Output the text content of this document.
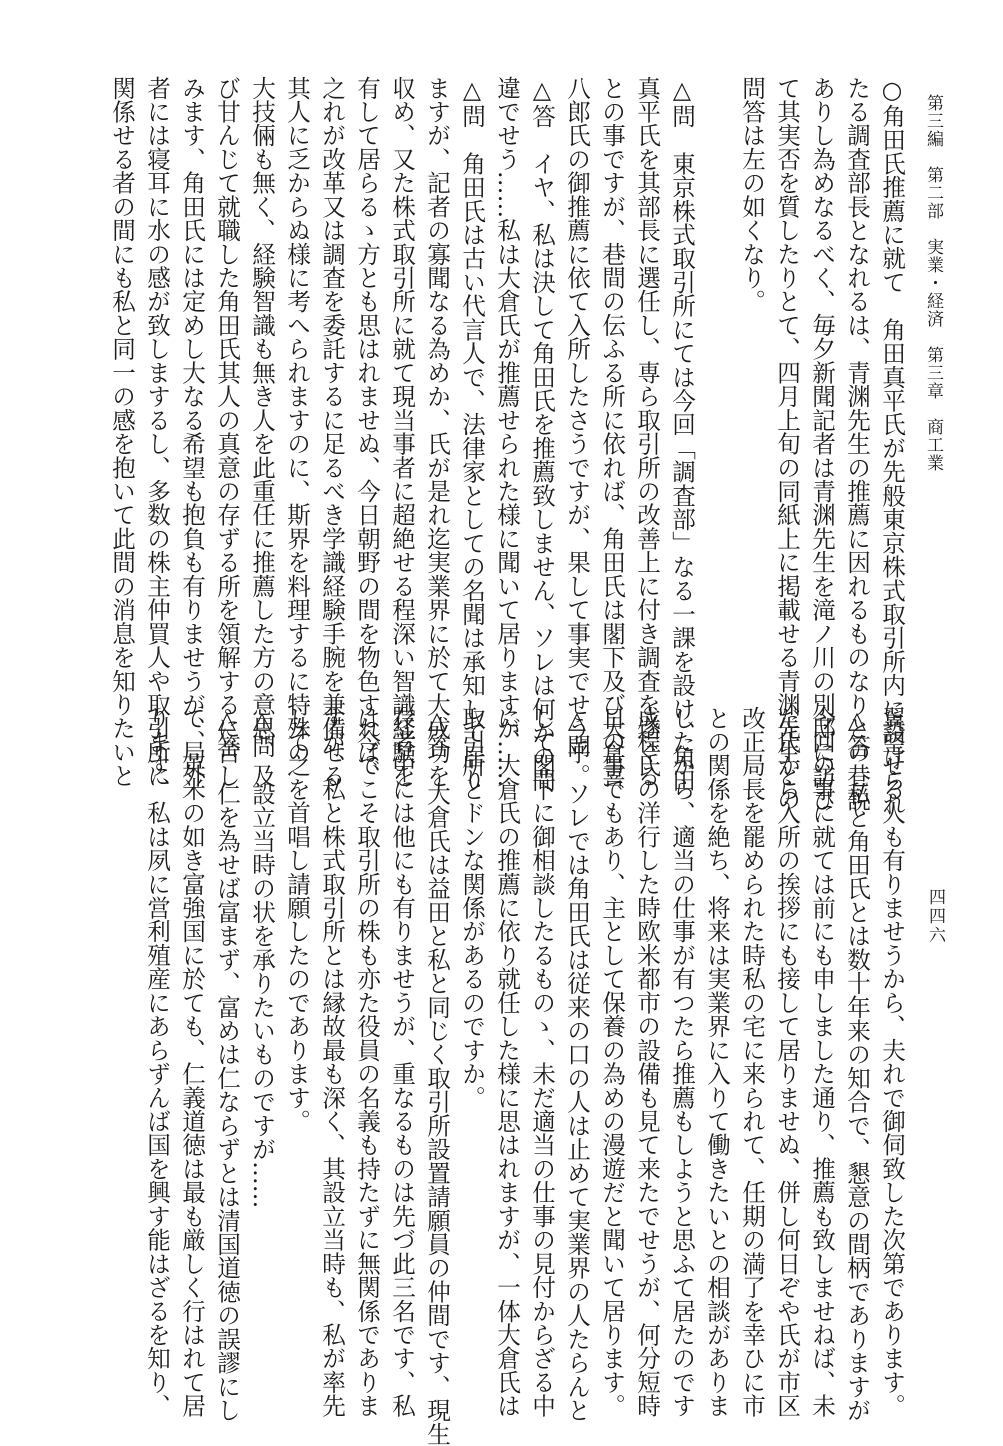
第三編　第二部　実業・経済　第三章　商工業
四四六
○角田氏推薦に就て　角田真平氏が先般東京株式取引所内に設けられ
たる調査部長となれるは、青渊先生の推薦に因れるものなりとの巷説
ありし為めなるべく、毎夕新聞記者は青渊先生を滝ノ川の別邸に訪ひ
て其実否を質したりとて、四月上旬の同紙上に掲載せる青渊先生との
問答は左の如くなり。
△問　東京株式取引所にては今回「調査部」なる一課を設け、角田
真平氏を其部長に選任し、専ら取引所の改善上に付き調査を遂ぐる
との事ですが、巷間の伝ふる所に依れば、角田氏は閣下及び大倉喜
八郎氏の御推薦に依て入所したさうですが、果して事実でせう乎。
△答　イヤ、私は決して角田氏を推薦致しません、ソレは何かの間
違でせう……私は大倉氏が推薦せられた様に聞いて居りますが……
△問　角田氏は古い代言人で、法律家としての名聞は承知して居り
ますが、記者の寡聞なる為めか、氏が是れ迄実業界に於て大成功を
収め、又た株式取引所に就て現当事者に超絶せる程深い智識経験を
有して居らるゝ方とも思はれませぬ、今日朝野の間を物色すれば、
之れが改革又は調査を委託するに足るべき学識経験手腕を兼備せる
其人に乏からぬ様に考へられますのに、斯界を料理するに特殊の
大技倆も無く、経験智識も無き人を此重任に推薦した方の意思、及
び甘んじて就職した角田氏其人の真意の存ずる所を領解するに苦し
みます、角田氏には定めし大なる希望も抱負も有りませうが、局外
者には寝耳に水の感が致しまするし、多数の株主仲買人や取引所に
関係せる者の間にも私と同一の感を抱いて此間の消息を知りたいと
翼望せる人も有りませうから、夫れで御伺致した次第であります。
△答　私と角田氏とは数十年来の知合で、懇意の間柄でありますが
今回の事に就ては前にも申しました通り、推薦も致しませねば、未
だ氏から入所の挨拶にも接して居りませぬ、併し何日ぞや氏が市区
改正局長を罷められた時私の宅に来られて、任期の満了を幸ひに市
との関係を絶ち、将来は実業界に入りて働きたいとの相談がありま
したから、適当の仕事が有つたら推薦もしようと思ふて居たのです
成程氏の洋行した時欧米都市の設備も見て来たでせうが、何分短時
日の事でもあり、主として保養の為めの漫遊だと聞いて居ります。
△問　ソレでは角田氏は従来の口の人は止めて実業界の人たらんと
して閣下に御相談したるものゝ、未だ適当の仕事の見付からざる中
に、大倉氏の推薦に依り就任した様に思はれますが、一体大倉氏は
取引所とドンな関係があるのですか。
△答　大倉氏は益田と私と同じく取引所設置請願員の仲間です、現生
存者中には他にも有りませうが、重なるものは先づ此三名です、私
は今でこそ取引所の株も亦た役員の名義も持たずに無関係でありま
すが、私と株式取引所とは縁故最も深く、其設立当時も、私が率先
して之を首唱し請願したのであります。
△問　設立当時の状を承りたいものですが……
△答　仁を為せば富まず、富めは仁ならずとは清国道徳の誤謬にし
て、英米の如き富強国に於ても、仁義道徳は最も厳しく行はれて居
ります、私は夙に営利殖産にあらずんば国を興す能はざるを知り、
